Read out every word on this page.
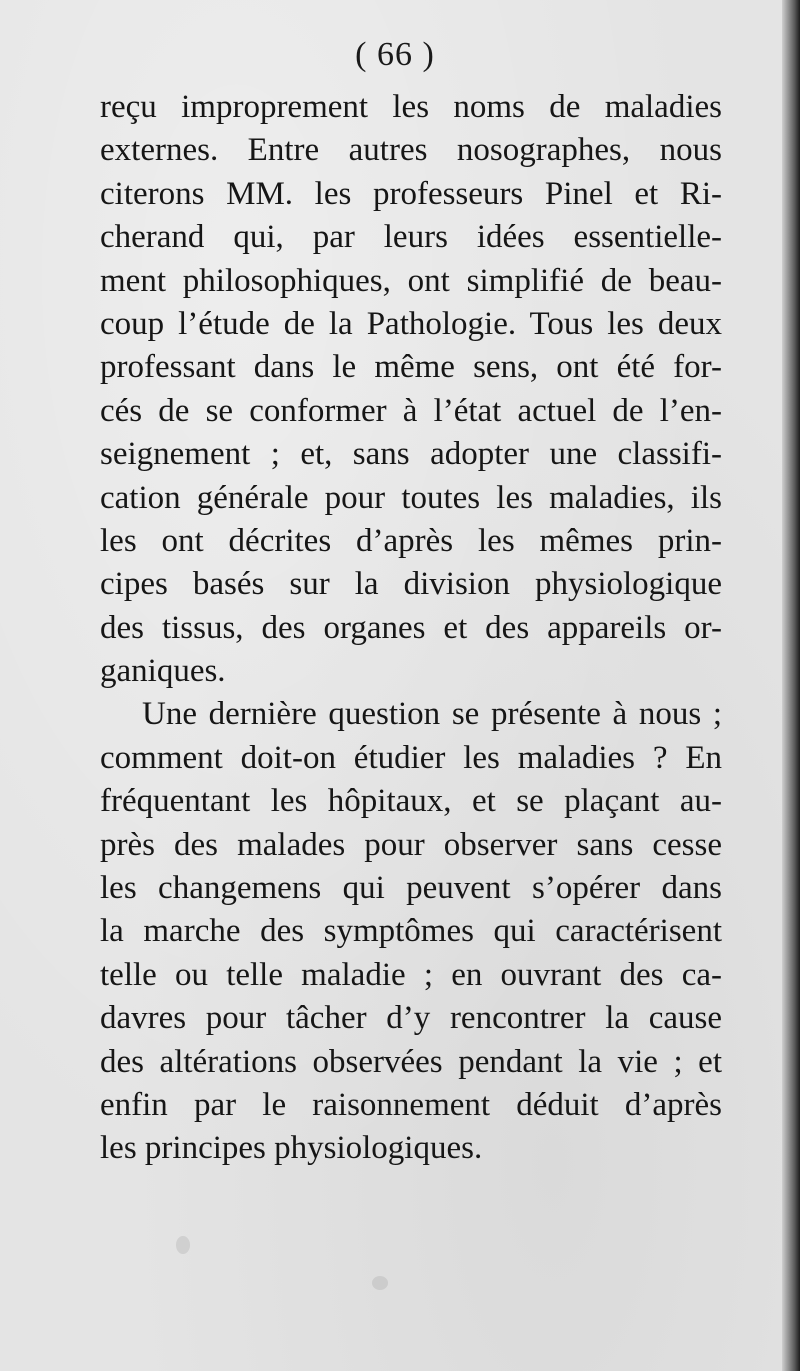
( 66 )
reçu improprement les noms de maladies
externes. Entre autres nosographes, nous
citerons MM. les professeurs Pinel et Ri-
cherand qui, par leurs idées essentielle-
ment philosophiques, ont simplifié de beau-
coup l’étude de la Pathologie. Tous les deux
professant dans le même sens, ont été for-
cés de se conformer à l’état actuel de l’en-
seignement ; et, sans adopter une classifi-
cation générale pour toutes les maladies, ils
les ont décrites d’après les mêmes prin-
cipes basés sur la division physiologique
des tissus, des organes et des appareils or-
ganiques.
Une dernière question se présente à nous ;
comment doit-on étudier les maladies ? En
fréquentant les hôpitaux, et se plaçant au-
près des malades pour observer sans cesse
les changemens qui peuvent s’opérer dans
la marche des symptômes qui caractérisent
telle ou telle maladie ; en ouvrant des ca-
davres pour tâcher d’y rencontrer la cause
des altérations observées pendant la vie ; et
enfin par le raisonnement déduit d’après
les principes physiologiques.
